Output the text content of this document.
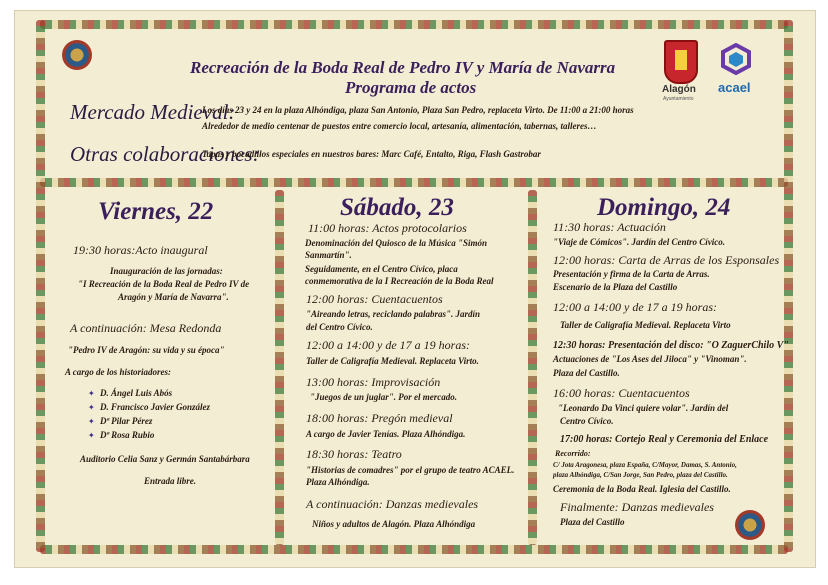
Alagón
Ayuntamiento
acael
Recreación de la Boda Real de Pedro IV y María de Navarra
Programa de actos
Mercado Medieval:
Los días 23 y 24 en la plaza Alhóndiga, plaza San Antonio, Plaza San Pedro, replaceta Virto. De 11:00 a 21:00 horas
Alrededor de medio centenar de puestos entre comercio local, artesanía, alimentación, tabernas, talleres…
Otras colaboraciones:
Tapas y bocadillos especiales en nuestros bares: Marc Café, Entalto, Riga, Flash Gastrobar
Viernes, 22
19:30 horas:Acto inaugural
Inauguración de las jornadas:
"I Recreación de la Boda Real de Pedro IV de
Aragón y María de Navarra".
A continuación: Mesa Redonda
"Pedro IV de Aragón: su vida y su época"
A cargo de los historiadores:
✦ D. Ángel Luis Abós
✦ D. Francisco Javier González
✦ Dª Pilar Pérez
✦ Dª Rosa Rubio
Auditorio Celia Sanz y Germán Santabárbara
Entrada libre.
Sábado, 23
11:00 horas: Actos protocolarios
Denominación del Quiosco de la Música "Simón
Sanmartín".
Seguidamente, en el Centro Cívico, placa
conmemorativa de la I Recreación de la Boda Real
12:00 horas: Cuentacuentos
"Aireando letras, reciclando palabras". Jardín
del Centro Cívico.
12:00 a 14:00 y de 17 a 19 horas:
Taller de Caligrafía Medieval. Replaceta Virto.
13:00 horas: Improvisación
"Juegos de un juglar". Por el mercado.
18:00 horas: Pregón medieval
A cargo de Javier Tenías. Plaza Alhóndiga.
18:30 horas: Teatro
"Historias de comadres" por el grupo de teatro ACAEL.
Plaza Alhóndiga.
A continuación: Danzas medievales
Niños y adultos de Alagón. Plaza Alhóndiga
Domingo, 24
11:30 horas: Actuación
"Viaje de Cómicos". Jardín del Centro Cívico.
12:00 horas: Carta de Arras de los Esponsales
Presentación y firma de la Carta de Arras.
Escenario de la Plaza del Castillo
12:00 a 14:00 y de 17 a 19 horas:
Taller de Caligrafía Medieval. Replaceta Virto
12:30 horas: Presentación del disco: "O ZaguerChilo V"
Actuaciones de "Los Ases del Jiloca" y "Vinoman".
Plaza del Castillo.
16:00 horas: Cuentacuentos
"Leonardo Da Vinci quiere volar". Jardín del
Centro Cívico.
17:00 horas: Cortejo Real y Ceremonia del Enlace
Recorrido:
C/ Jota Aragonesa, plaza España, C/Mayor, Damas, S. Antonio,
plaza Alhóndiga, C/San Jorge, San Pedro, plaza del Castillo.
Ceremonia de la Boda Real. Iglesia del Castillo.
Finalmente: Danzas medievales
Plaza del Castillo
